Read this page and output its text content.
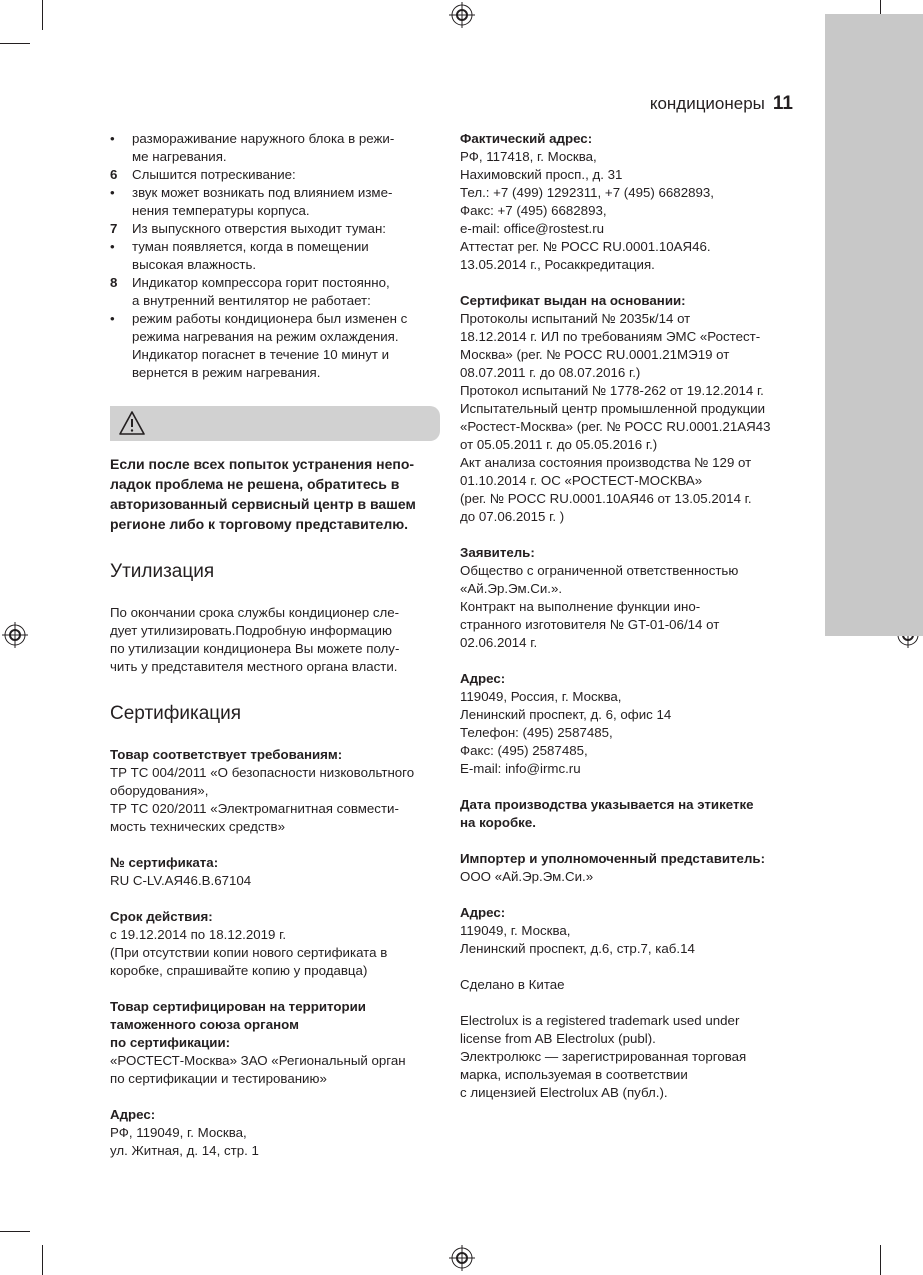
кондиционеры 11
• размораживание наружного блока в режи-
ме нагревания.
6 Слышится потрескивание:
• звук может возникать под влиянием изме-
нения температуры корпуса.
7 Из выпускного отверстия выходит туман:
• туман появляется, когда в помещении
высокая влажность.
8 Индикатор компрессора горит постоянно,
а внутренний вентилятор не работает:
• режим работы кондиционера был изменен с
режима нагревания на режим охлаждения.
Индикатор погаснет в течение 10 минут и
вернется в режим нагревания.

Если после всех попыток устранения непо-
ладок проблема не решена, обратитесь в
авторизованный сервисный центр в вашем
регионе либо к торговому представителю.

Утилизация

По окончании срока службы кондиционер сле-
дует утилизировать.Подробную информацию
по утилизации кондиционера Вы можете полу-
чить у представителя местного органа власти.

Сертификация
Товар соответствует требованиям:
ТР ТС 004/2011 «О безопасности низковольтного
оборудования»,
ТР ТС 020/2011 «Электромагнитная совмести-
мость технических средств»
№ сертификата:
RU C-LV.АЯ46.В.67104
Срок действия:
с 19.12.2014 по 18.12.2019 г.
(При отсутствии копии нового сертификата в
коробке, спрашивайте копию у продавца)
Товар сертифицирован на территории
таможенного союза органом
по сертификации:
«РОСТЕСТ-Москва» ЗАО «Региональный орган
по сертификации и тестированию»
Адрес:
РФ, 119049, г. Москва,
ул. Житная, д. 14, стр. 1
Фактический адрес:
РФ, 117418, г. Москва,
Нахимовский просп., д. 31
Тел.: +7 (499) 1292311, +7 (495) 6682893,
Факс: +7 (495) 6682893,
e-mail: office@rostest.ru
Аттестат рег. № РОСС RU.0001.10АЯ46.
13.05.2014 г., Росаккредитация.
Сертификат выдан на основании:
Протоколы испытаний № 2035к/14 от
18.12.2014 г. ИЛ по требованиям ЭМС «Ростест-
Москва» (рег. № РОСС RU.0001.21МЭ19 от
08.07.2011 г. до 08.07.2016 г.)
Протокол испытаний № 1778-262 от 19.12.2014 г.
Испытательный центр промышленной продукции
«Ростест-Москва» (рег. № РОСС RU.0001.21АЯ43
от 05.05.2011 г. до 05.05.2016 г.)
Акт анализа состояния производства № 129 от
01.10.2014 г. ОС «РОСТЕСТ-МОСКВА»
(рег. № РОСС RU.0001.10АЯ46 от 13.05.2014 г.
до 07.06.2015 г. )
Заявитель:
Общество с ограниченной ответственностью
«Ай.Эр.Эм.Си.».
Контракт на выполнение функции ино-
странного изготовителя № GT-01-06/14 от
02.06.2014 г.
Адрес:
119049, Россия, г. Москва,
Ленинский проспект, д. 6, офис 14
Телефон: (495) 2587485,
Факс: (495) 2587485,
E-mail: info@irmc.ru
Дата производства указывается на этикетке
на коробке.
Импортер и уполномоченный представитель:
ООО «Ай.Эр.Эм.Си.»
Адрес:
119049, г. Москва,
Ленинский проспект, д.6, стр.7, каб.14
Сделано в Китае
Electrolux is a registered trademark used under
license from AB Electrolux (publ).
Электролюкс — зарегистрированная торговая
марка, используемая в соответствии
с лицензией Electrolux AB (публ.).
